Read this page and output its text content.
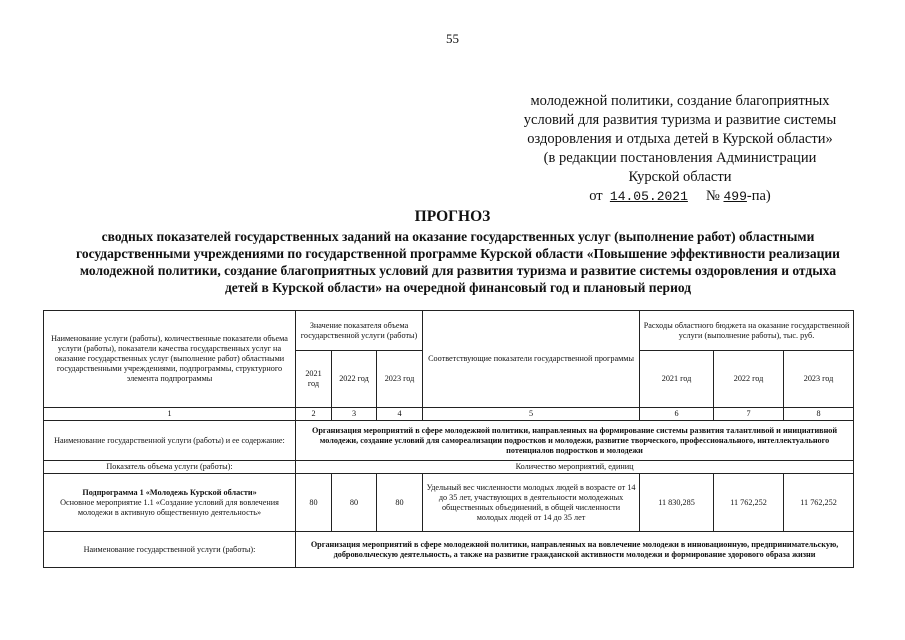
55
молодежной политики, создание благоприятных
условий для развития туризма и развитие системы
оздоровления и отдыха детей в Курской области»
(в редакции постановления Администрации
Курской области
от 14.05.2021 № 499-па)
ПРОГНОЗ
сводных показателей государственных заданий на оказание государственных услуг (выполнение работ) областными государственными учреждениями по государственной программе Курской области «Повышение эффективности реализации молодежной политики, создание благоприятных условий для развития туризма и развитие системы оздоровления и отдыха детей в Курской области» на очередной финансовый год и плановый период
Наименование услуги (работы), количественные показатели объема услуги (работы), показатели качества государственных услуг на оказание государственных услуг (выполнение работ) областными государственными учреждениями, подпрограммы, структурного элемента подпрограммы	Значение показателя объема государственной услуги (работы)			Соответствующие показатели государственной программы	Расходы областного бюджета на оказание государственной услуги (выполнение работы), тыс. руб.		
	2021 год	2022 год	2023 год		2021 год	2022 год	2023 год
1	2	3	4	5	6	7	8
Наименование государственной услуги (работы) и ее содержание:	Организация мероприятий в сфере молодежной политики, направленных на формирование системы развития талантливой и инициативной молодежи, создание условий для самореализации подростков и молодежи, развитие творческого, профессионального, интеллектуального потенциалов подростков и молодежи						
Показатель объема услуги (работы):	Количество мероприятий, единиц						
Подпрограмма 1 «Молодежь Курской области»
Основное мероприятие 1.1 «Создание условий для вовлечения молодежи в активную общественную деятельность»	80	80	80	Удельный вес численности молодых людей в возрасте от 14 до 35 лет, участвующих в деятельности молодежных общественных объединений, в общей численности молодых людей от 14 до 35 лет	11 830,285	11 762,252	11 762,252
Наименование государственной услуги (работы):	Организация мероприятий в сфере молодежной политики, направленных на вовлечение молодежи в инновационную, предпринимательскую, добровольческую деятельность, а также на развитие гражданской активности молодежи и формирование здорового образа жизни						
